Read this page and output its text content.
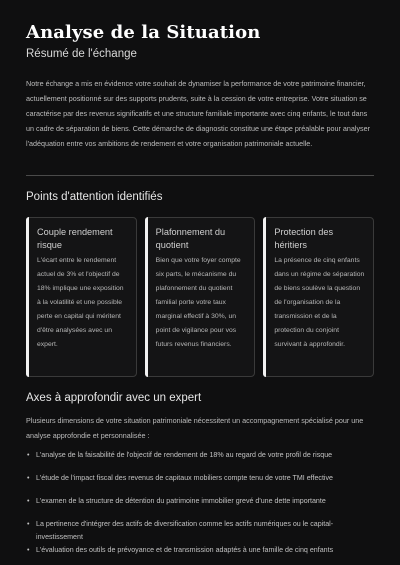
Analyse de la Situation
Résumé de l'échange

Notre échange a mis en évidence votre souhait de dynamiser la performance de votre patrimoine financier, actuellement positionné sur des supports prudents, suite à la cession de votre entreprise. Votre situation se caractérise par des revenus significatifs et une structure familiale importante avec cinq enfants, le tout dans un cadre de séparation de biens. Cette démarche de diagnostic constitue une étape préalable pour analyser l'adéquation entre vos ambitions de rendement et votre organisation patrimoniale actuelle.

Points d'attention identifiés
Couple rendement risque

L'écart entre le rendement actuel de 3% et l'objectif de 18% implique une exposition à la volatilité et une possible perte en capital qui méritent d'être analysées avec un expert.

Plafonnement du quotient

Bien que votre foyer compte six parts, le mécanisme du plafonnement du quotient familial porte votre taux marginal effectif à 30%, un point de vigilance pour vos futurs revenus financiers.

Protection des héritiers

La présence de cinq enfants dans un régime de séparation de biens soulève la question de l'organisation de la transmission et de la protection du conjoint survivant à approfondir.

Axes à approfondir avec un expert

Plusieurs dimensions de votre situation patrimoniale nécessitent un accompagnement spécialisé pour une analyse approfondie et personnalisée :

• L'analyse de la faisabilité de l'objectif de rendement de 18% au regard de votre profil de risque
• L'étude de l'impact fiscal des revenus de capitaux mobiliers compte tenu de votre TMI effective
• L'examen de la structure de détention du patrimoine immobilier grevé d'une dette importante
• La pertinence d'intégrer des actifs de diversification comme les actifs numériques ou le capital-investissement
• L'évaluation des outils de prévoyance et de transmission adaptés à une famille de cinq enfants
